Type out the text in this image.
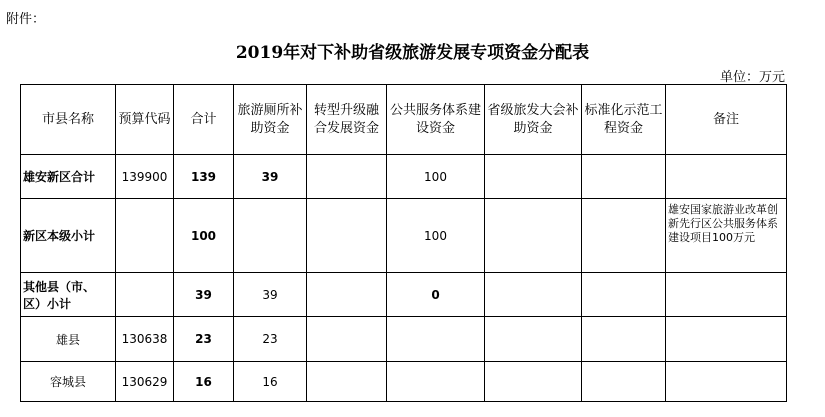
附件：
2019年对下补助省级旅游发展专项资金分配表
单位：万元
市县名称	预算代码	合计	旅游厕所补助资金	转型升级融合发展资金	公共服务体系建设资金	省级旅发大会补助资金	标准化示范工程资金	备注
雄安新区合计	139900	139	39		100			
新区本级小计		100			100			雄安国家旅游业改革创新先行区公共服务体系建设项目100万元
其他县（市、区）小计		39	39		0			
雄县	130638	23	23					
容城县	130629	16	16					
